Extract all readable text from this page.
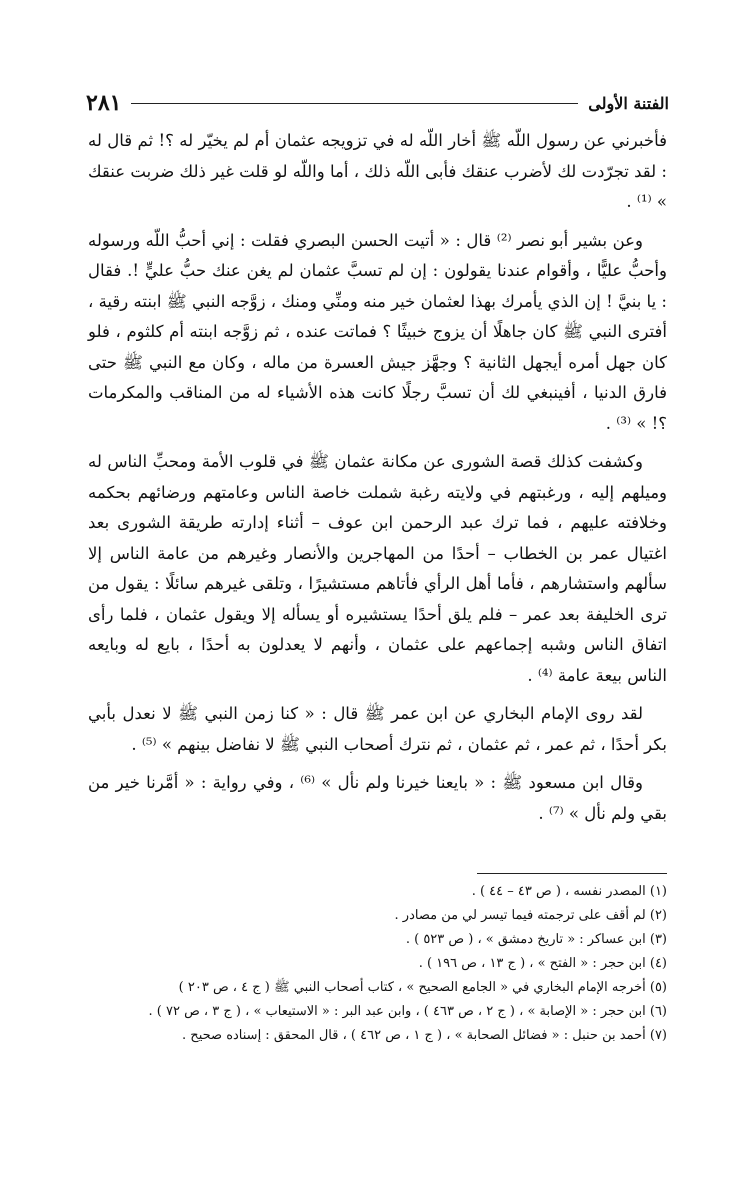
الفتنة الأولى
٢٨١

فأخبرني عن رسول اللّه ﷺ أخار اللّه له في تزويجه عثمان أم لم يخيّر له ؟! ثم قال له : لقد تجرّدت لك لأضرب عنقك فأبى اللّه ذلك ، أما واللّه لو قلت غير ذلك ضربت عنقك » ⁽¹⁾ .

وعن بشير أبو نصر ⁽²⁾ قال : « أتيت الحسن البصري فقلت : إني أحبُّ اللّه ورسوله وأحبُّ عليًّا ، وأقوام عندنا يقولون : إن لم تسبَّ عثمان لم يغن عنك حبُّ عليٍّ !. فقال : يا بنيَّ ! إن الذي يأمرك بهذا لعثمان خير منه ومنِّي ومنك ، زوَّجه النبي ﷺ ابنته رقية ، أفترى النبي ﷺ كان جاهلًا أن يزوج خبيثًا ؟ فماتت عنده ، ثم زوَّجه ابنته أم كلثوم ، فلو كان جهل أمره أيجهل الثانية ؟ وجهَّز جيش العسرة من ماله ، وكان مع النبي ﷺ حتى فارق الدنيا ، أفينبغي لك أن تسبَّ رجلًا كانت هذه الأشياء له من المناقب والمكرمات ؟! » ⁽³⁾ .

وكشفت كذلك قصة الشورى عن مكانة عثمان ﷺ في قلوب الأمة ومحبِّ الناس له وميلهم إليه ، ورغبتهم في ولايته رغبة شملت خاصة الناس وعامتهم ورضائهم بحكمه وخلافته عليهم ، فما ترك عبد الرحمن ابن عوف – أثناء إدارته طريقة الشورى بعد اغتيال عمر بن الخطاب – أحدًا من المهاجرين والأنصار وغيرهم من عامة الناس إلا سألهم واستشارهم ، فأما أهل الرأي فأتاهم مستشيرًا ، وتلقى غيرهم سائلًا : يقول من ترى الخليفة بعد عمر – فلم يلق أحدًا يستشيره أو يسأله إلا ويقول عثمان ، فلما رأى اتفاق الناس وشبه إجماعهم على عثمان ، وأنهم لا يعدلون به أحدًا ، بايع له وبايعه الناس بيعة عامة ⁽⁴⁾ .

لقد روى الإمام البخاري عن ابن عمر ﷺ قال : « كنا زمن النبي ﷺ لا نعدل بأبي بكر أحدًا ، ثم عمر ، ثم عثمان ، ثم نترك أصحاب النبي ﷺ لا نفاضل بينهم » ⁽⁵⁾ .

وقال ابن مسعود ﷺ : « بايعنا خيرنا ولم نأل » ⁽⁶⁾ ، وفي رواية : « أمَّرنا خير من بقي ولم نأل » ⁽⁷⁾ .

(١) المصدر نفسه ، ( ص ٤٣ – ٤٤ ) .
(٢) لم أقف على ترجمته فيما تيسر لي من مصادر .
(٣) ابن عساكر : « تاريخ دمشق » ، ( ص ٥٢٣ ) .
(٤) ابن حجر : « الفتح » ، ( ج ١٣ ، ص ١٩٦ ) .
(٥) أخرجه الإمام البخاري في « الجامع الصحيح » ، كتاب أصحاب النبي ﷺ ( ج ٤ ، ص ٢٠٣ )
(٦) ابن حجر : « الإصابة » ، ( ج ٢ ، ص ٤٦٣ ) ، وابن عبد البر : « الاستيعاب » ، ( ج ٣ ، ص ٧٢ ) .
(٧) أحمد بن حنبل : « فضائل الصحابة » ، ( ج ١ ، ص ٤٦٢ ) ، قال المحقق : إسناده صحيح .
